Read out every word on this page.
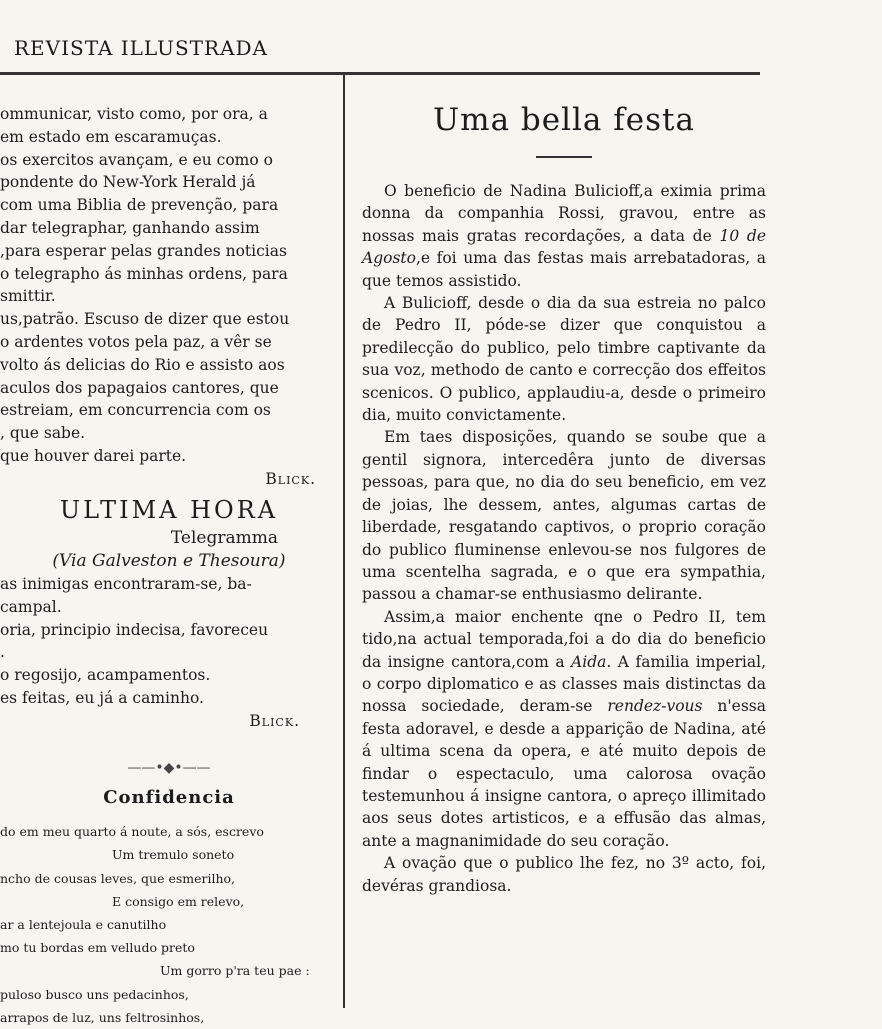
REVISTA ILLUSTRADA
ommunicar, visto como, por ora, a
em estado em escaramuças.
os exercitos avançam, e eu como o
pondente do New-York Herald já
com uma Biblia de prevenção, para
dar telegraphar, ganhando assim
,para esperar pelas grandes noticias
o telegrapho ás minhas ordens, para
smittir.
us,patrão. Escuso de dizer que estou
o ardentes votos pela paz, a vêr se
volto ás delicias do Rio e assisto aos
aculos dos papagaios cantores, que
estreiam, em concurrencia com os
, que sabe.
que houver darei parte.
Blick.
ULTIMA HORA
Telegramma
(Via Galveston e Thesoura)
as inimigas encontraram-se, ba-
campal.
oria, principio indecisa, favoreceu
.
o regosijo, acampamentos.
es feitas, eu já a caminho.
Blick.
——•◆•——
Confidencia
do em meu quarto á noute, a sós, escrevo
Um tremulo soneto
ncho de cousas leves, que esmerilho,
E consigo em relevo,
ar a lentejoula e canutilho
mo tu bordas em velludo preto
Um gorro p'ra teu pae :
puloso busco uns pedacinhos,
arrapos de luz, uns feltrosinhos,
Uma bella festa

O beneficio de Nadina Bulicioff,a eximia prima donna da companhia Rossi, gravou, entre as nossas mais gratas recordações, a data de 10 de Agosto,e foi uma das festas mais arrebatadoras, a que temos assistido.

A Bulicioff, desde o dia da sua estreia no palco de Pedro II, póde-se dizer que conquistou a predilecção do publico, pelo timbre captivante da sua voz, methodo de canto e correcção dos effeitos scenicos. O publico, applaudiu-a, desde o primeiro dia, muito convictamente.

Em taes disposições, quando se soube que a gentil signora, intercedêra junto de diversas pessoas, para que, no dia do seu beneficio, em vez de joias, lhe dessem, antes, algumas cartas de liberdade, resgatando captivos, o proprio coração do publico fluminense enlevou-se nos fulgores de uma scentelha sagrada, e o que era sympathia, passou a chamar-se enthusiasmo delirante.

Assim,a maior enchente qne o Pedro II, tem tido,na actual temporada,foi a do dia do beneficio da insigne cantora,com a Aida. A familia imperial, o corpo diplomatico e as classes mais distinctas da nossa sociedade, deram-se rendez-vous n'essa festa adoravel, e desde a apparição de Nadina, até á ultima scena da opera, e até muito depois de findar o espectaculo, uma calorosa ovação testemunhou á insigne cantora, o apreço illimitado aos seus dotes artisticos, e a effusão das almas, ante a magnanimidade do seu coração.

A ovação que o publico lhe fez, no 3º acto, foi, devéras grandiosa.
